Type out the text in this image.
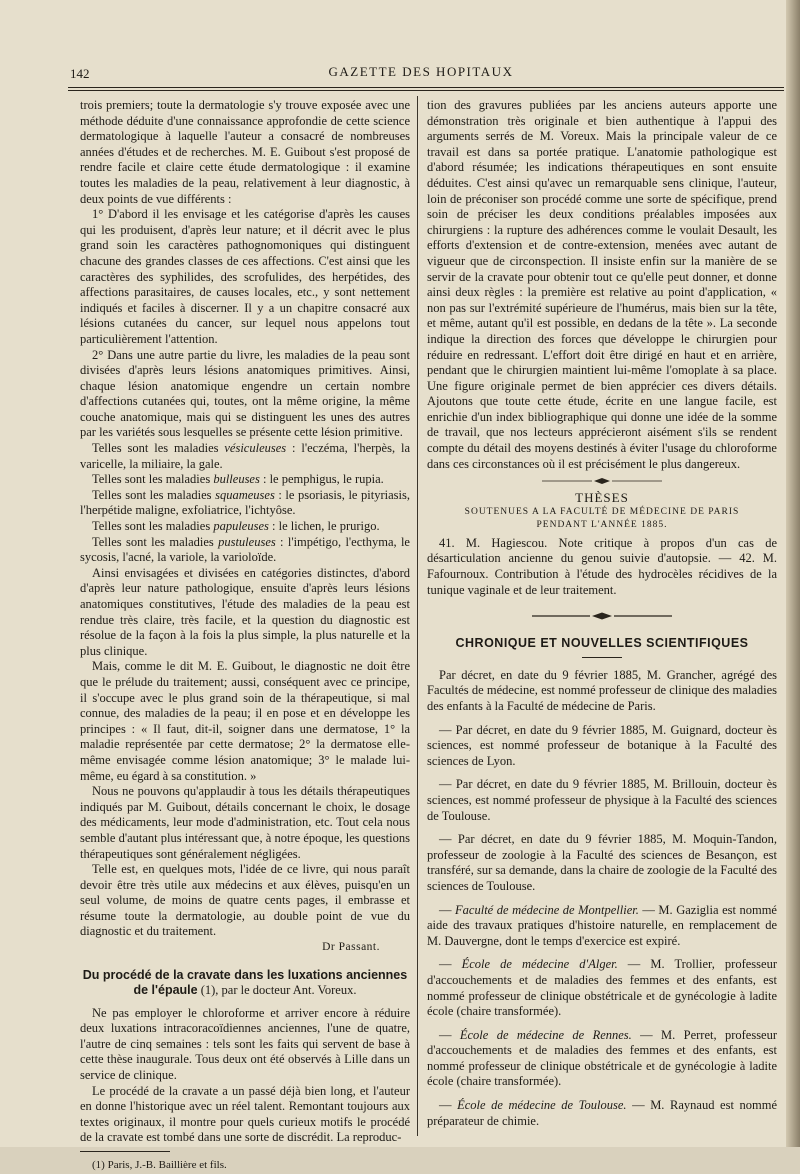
142	GAZETTE DES HOPITAUX

trois premiers; toute la dermatologie s'y trouve exposée avec une méthode déduite d'une connaissance approfondie de cette science dermatologique à laquelle l'auteur a consacré de nombreuses années d'études et de recherches. M. E. Guibout s'est proposé de rendre facile et claire cette étude dermatologique : il examine toutes les maladies de la peau, relativement à leur diagnostic, à deux points de vue différents :

1° D'abord il les envisage et les catégorise d'après les causes qui les produisent, d'après leur nature; et il décrit avec le plus grand soin les caractères pathognomoniques qui distinguent chacune des grandes classes de ces affections. C'est ainsi que les caractères des syphilides, des scrofulides, des herpétides, des affections parasitaires, de causes locales, etc., y sont nettement indiqués et faciles à discerner. Il y a un chapitre consacré aux lésions cutanées du cancer, sur lequel nous appelons tout particulièrement l'attention.

2° Dans une autre partie du livre, les maladies de la peau sont divisées d'après leurs lésions anatomiques primitives. Ainsi, chaque lésion anatomique engendre un certain nombre d'affections cutanées qui, toutes, ont la même origine, la même couche anatomique, mais qui se distinguent les unes des autres par les variétés sous lesquelles se présente cette lésion primitive.

Telles sont les maladies vésiculeuses : l'eczéma, l'herpès, la varicelle, la miliaire, la gale.

Telles sont les maladies bulleuses : le pemphigus, le rupia.

Telles sont les maladies squameuses : le psoriasis, le pityriasis, l'herpétide maligne, exfoliatrice, l'ichtyôse.

Telles sont les maladies papuleuses : le lichen, le prurigo.

Telles sont les maladies pustuleuses : l'impétigo, l'ecthyma, le sycosis, l'acné, la variole, la varioloïde.

Ainsi envisagées et divisées en catégories distinctes, d'abord d'après leur nature pathologique, ensuite d'après leurs lésions anatomiques constitutives, l'étude des maladies de la peau est rendue très claire, très facile, et la question du diagnostic est résolue de la façon à la fois la plus simple, la plus naturelle et la plus clinique.

Mais, comme le dit M. E. Guibout, le diagnostic ne doit être que le prélude du traitement; aussi, conséquent avec ce principe, il s'occupe avec le plus grand soin de la thérapeutique, si mal connue, des maladies de la peau; il en pose et en développe les principes : « Il faut, dit-il, soigner dans une dermatose, 1° la maladie représentée par cette dermatose; 2° la dermatose elle-même envisagée comme lésion anatomique; 3° le malade lui-même, eu égard à sa constitution. »

Nous ne pouvons qu'applaudir à tous les détails thérapeutiques indiqués par M. Guibout, détails concernant le choix, le dosage des médicaments, leur mode d'administration, etc. Tout cela nous semble d'autant plus intéressant que, à notre époque, les questions thérapeutiques sont généralement négligées.

Telle est, en quelques mots, l'idée de ce livre, qui nous paraît devoir être très utile aux médecins et aux élèves, puisqu'en un seul volume, de moins de quatre cents pages, il embrasse et résume toute la dermatologie, au double point de vue du diagnostic et du traitement.

Dr Passant.
Du procédé de la cravate dans les luxations anciennes
de l'épaule (1), par le docteur Ant. Voreux.

Ne pas employer le chloroforme et arriver encore à réduire deux luxations intracoracoïdiennes anciennes, l'une de quatre, l'autre de cinq semaines : tels sont les faits qui servent de base à cette thèse inaugurale. Tous deux ont été observés à Lille dans un service de clinique.

Le procédé de la cravate a un passé déjà bien long, et l'auteur en donne l'historique avec un réel talent. Remontant toujours aux textes originaux, il montre pour quels curieux motifs le procédé de la cravate est tombé dans une sorte de discrédit. La reproduc-

(1) Paris, J.-B. Baillière et fils.

tion des gravures publiées par les anciens auteurs apporte une démonstration très originale et bien authentique à l'appui des arguments serrés de M. Voreux. Mais la principale valeur de ce travail est dans sa portée pratique. L'anatomie pathologique est d'abord résumée; les indications thérapeutiques en sont ensuite déduites. C'est ainsi qu'avec un remarquable sens clinique, l'auteur, loin de préconiser son procédé comme une sorte de spécifique, prend soin de préciser les deux conditions préalables imposées aux chirurgiens : la rupture des adhérences comme le voulait Desault, les efforts d'extension et de contre-extension, menées avec autant de vigueur que de circonspection. Il insiste enfin sur la manière de se servir de la cravate pour obtenir tout ce qu'elle peut donner, et donne ainsi deux règles : la première est relative au point d'application, « non pas sur l'extrémité supérieure de l'humérus, mais bien sur la tête, et même, autant qu'il est possible, en dedans de la tête ». La seconde indique la direction des forces que développe le chirurgien pour réduire en redressant. L'effort doit être dirigé en haut et en arrière, pendant que le chirurgien maintient lui-même l'omoplate à sa place. Une figure originale permet de bien apprécier ces divers détails. Ajoutons que toute cette étude, écrite en une langue facile, est enrichie d'un index bibliographique qui donne une idée de la somme de travail, que nos lecteurs apprécieront aisément s'ils se rendent compte du détail des moyens destinés à éviter l'usage du chloroforme dans ces circonstances où il est précisément le plus dangereux.

THÈSES
SOUTENUES A LA FACULTÉ DE MÉDECINE DE PARIS
PENDANT L'ANNÉE 1885.

41. M. Hagiescou. Note critique à propos d'un cas de désarticulation ancienne du genou suivie d'autopsie. — 42. M. Fafournoux. Contribution à l'étude des hydrocèles récidives de la tunique vaginale et de leur traitement.

CHRONIQUE ET NOUVELLES SCIENTIFIQUES

Par décret, en date du 9 février 1885, M. Grancher, agrégé des Facultés de médecine, est nommé professeur de clinique des maladies des enfants à la Faculté de médecine de Paris.

— Par décret, en date du 9 février 1885, M. Guignard, docteur ès sciences, est nommé professeur de botanique à la Faculté des sciences de Lyon.

— Par décret, en date du 9 février 1885, M. Brillouin, docteur ès sciences, est nommé professeur de physique à la Faculté des sciences de Toulouse.

— Par décret, en date du 9 février 1885, M. Moquin-Tandon, professeur de zoologie à la Faculté des sciences de Besançon, est transféré, sur sa demande, dans la chaire de zoologie de la Faculté des sciences de Toulouse.

— Faculté de médecine de Montpellier. — M. Gaziglia est nommé aide des travaux pratiques d'histoire naturelle, en remplacement de M. Dauvergne, dont le temps d'exercice est expiré.

— École de médecine d'Alger. — M. Trollier, professeur d'accouchements et de maladies des femmes et des enfants, est nommé professeur de clinique obstétricale et de gynécologie à ladite école (chaire transformée).

— École de médecine de Rennes. — M. Perret, professeur d'accouchements et de maladies des femmes et des enfants, est nommé professeur de clinique obstétricale et de gynécologie à ladite école (chaire transformée).

— École de médecine de Toulouse. — M. Raynaud est nommé préparateur de chimie.
